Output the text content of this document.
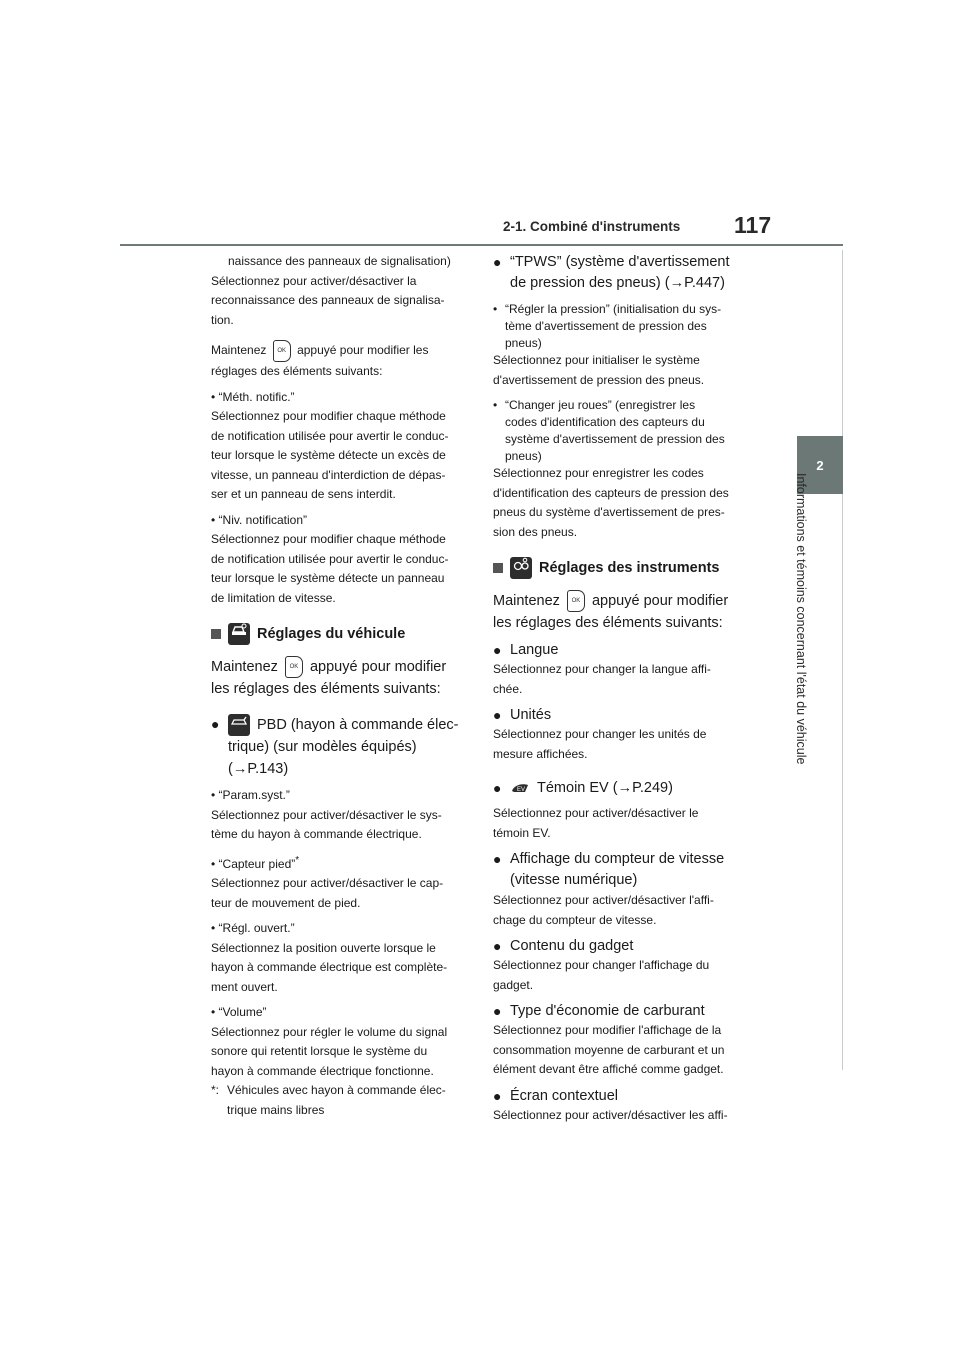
2-1. Combiné d'instruments 117
2
Informations et témoins concernant l'état du véhicule

naissance des panneaux de signalisation)

Sélectionnez pour activer/désactiver la

reconnaissance des panneaux de signalisa-

tion.

Maintenez OK appuyé pour modifier les

réglages des éléments suivants:

• “Méth. notific.”

Sélectionnez pour modifier chaque méthode

de notification utilisée pour avertir le conduc-

teur lorsque le système détecte un excès de

vitesse, un panneau d'interdiction de dépas-

ser et un panneau de sens interdit.

• “Niv. notification”

Sélectionnez pour modifier chaque méthode

de notification utilisée pour avertir le conduc-

teur lorsque le système détecte un panneau

de limitation de vitesse.

Réglages du véhicule

Maintenez OK appuyé pour modifier

les réglages des éléments suivants:

●	PBD (hayon à commande élec-

trique) (sur modèles équipés)

(→P.143)

• “Param.syst.”

Sélectionnez pour activer/désactiver le sys-

tème du hayon à commande électrique.

• “Capteur pied”*

Sélectionnez pour activer/désactiver le cap-

teur de mouvement de pied.

• “Régl. ouvert.”

Sélectionnez la position ouverte lorsque le

hayon à commande électrique est complète-

ment ouvert.

• “Volume”

Sélectionnez pour régler le volume du signal

sonore qui retentit lorsque le système du

hayon à commande électrique fonctionne.

*: Véhicules avec hayon à commande élec-

trique mains libres

● “TPWS” (système d'avertissement

de pression des pneus) (→P.447)

• “Régler la pression” (initialisation du sys-
tème d'avertissement de pression des
pneus)

Sélectionnez pour initialiser le système

d'avertissement de pression des pneus.

• “Changer jeu roues” (enregistrer les
codes d'identification des capteurs du
système d'avertissement de pression des
pneus)

Sélectionnez pour enregistrer les codes

d'identification des capteurs de pression des

pneus du système d'avertissement de pres-

sion des pneus.

Réglages des instruments

Maintenez OK appuyé pour modifier

les réglages des éléments suivants:

● Langue

Sélectionnez pour changer la langue affi-

chée.

● Unités

Sélectionnez pour changer les unités de

mesure affichées.

●	EV Témoin EV (→P.249)

Sélectionnez pour activer/désactiver le

témoin EV.

● Affichage du compteur de vitesse

(vitesse numérique)

Sélectionnez pour activer/désactiver l'affi-

chage du compteur de vitesse.

● Contenu du gadget

Sélectionnez pour changer l'affichage du

gadget.

● Type d'économie de carburant

Sélectionnez pour modifier l'affichage de la

consommation moyenne de carburant et un

élément devant être affiché comme gadget.

● Écran contextuel

Sélectionnez pour activer/désactiver les affi-
